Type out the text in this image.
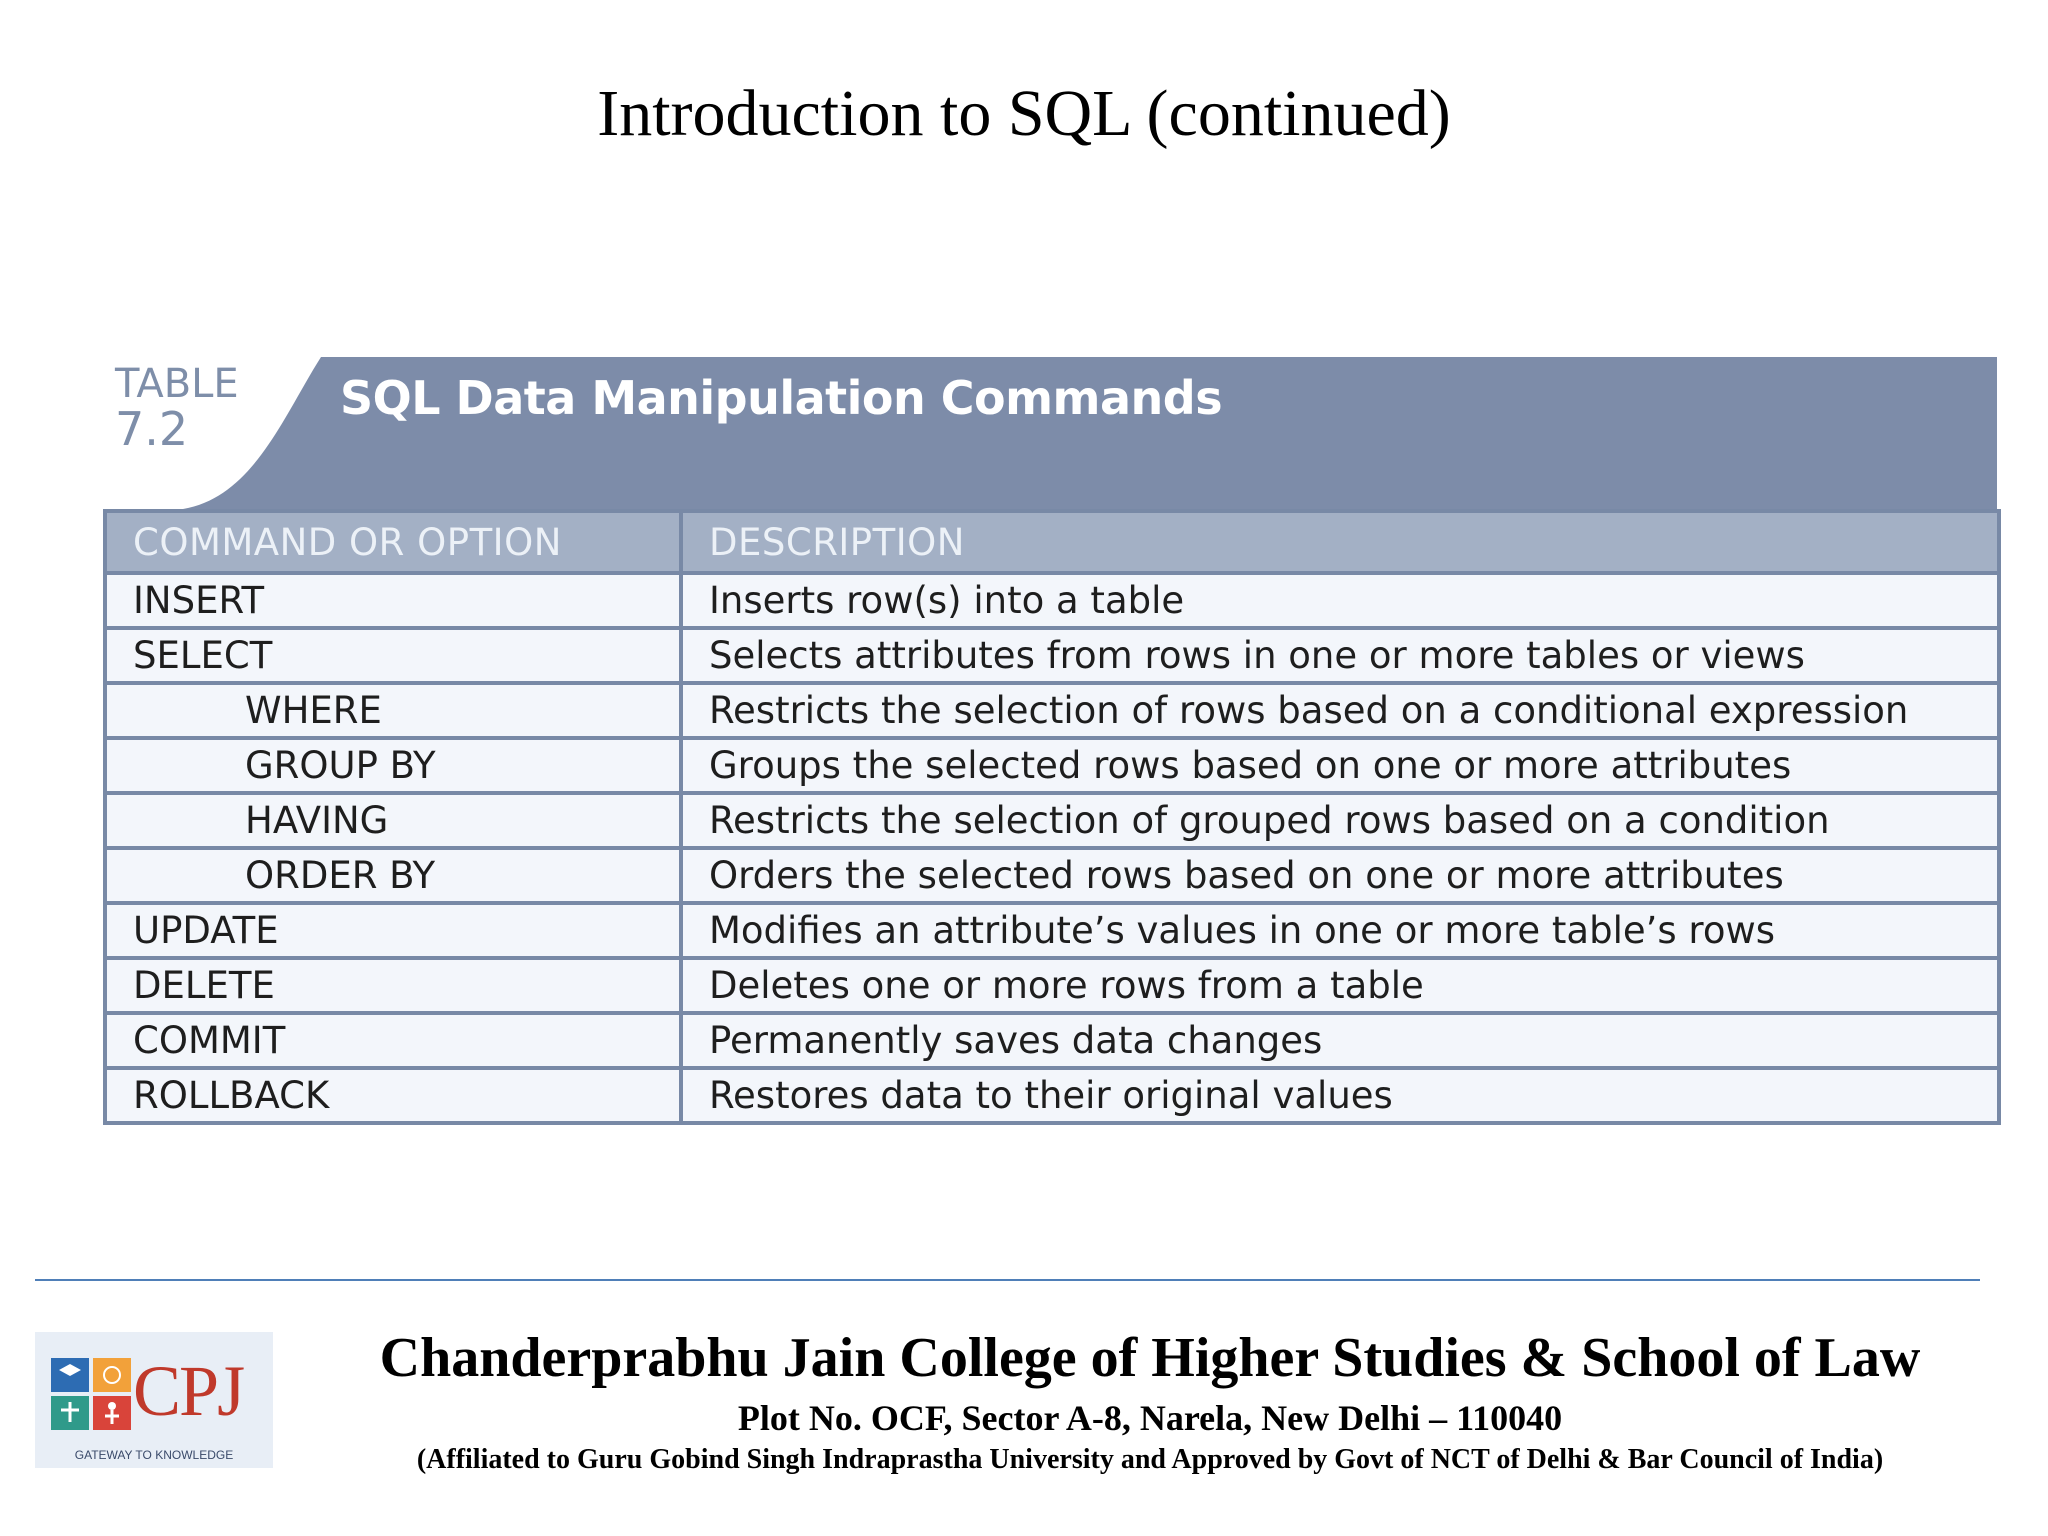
Introduction to SQL (continued)
TABLE
7.2
SQL Data Manipulation Commands
COMMAND OR OPTION	DESCRIPTION
INSERT	Inserts row(s) into a table
SELECT	Selects attributes from rows in one or more tables or views
WHERE	Restricts the selection of rows based on a conditional expression
GROUP BY	Groups the selected rows based on one or more attributes
HAVING	Restricts the selection of grouped rows based on a condition
ORDER BY	Orders the selected rows based on one or more attributes
UPDATE	Modifies an attribute’s values in one or more table’s rows
DELETE	Deletes one or more rows from a table
COMMIT	Permanently saves data changes
ROLLBACK	Restores data to their original values
CPJ
GATEWAY TO KNOWLEDGE
Chanderprabhu Jain College of Higher Studies & School of Law
Plot No. OCF, Sector A-8, Narela, New Delhi – 110040
(Affiliated to Guru Gobind Singh Indraprastha University and Approved by Govt of NCT of Delhi & Bar Council of India)
